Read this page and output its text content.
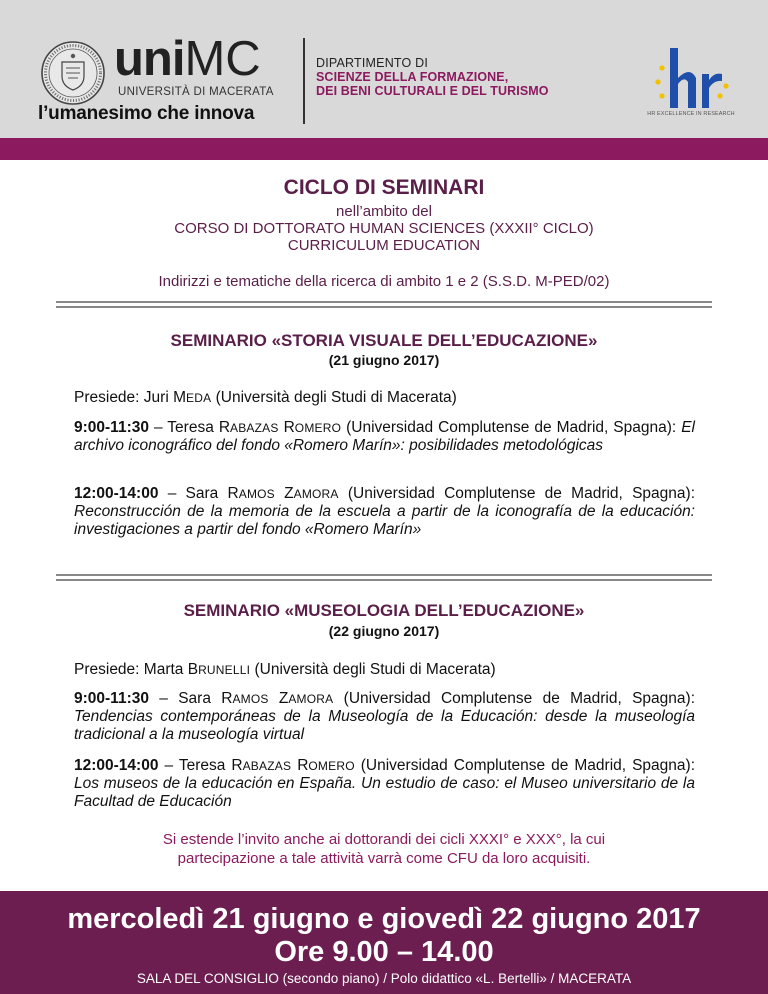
uniMC
UNIVERSITÀ DI MACERATA
l’umanesimo che innova
DIPARTIMENTO DI
SCIENZE DELLA FORMAZIONE,
DEI BENI CULTURALI E DEL TURISMO
HR EXCELLENCE IN RESEARCH
CICLO DI SEMINARI
nell’ambito del
CORSO DI DOTTORATO HUMAN SCIENCES (XXXII° CICLO)
CURRICULUM EDUCATION
Indirizzi e tematiche della ricerca di ambito 1 e 2 (S.S.D. M-PED/02)
SEMINARIO «STORIA VISUALE DELL’EDUCAZIONE»
(21 giugno 2017)
Presiede: Juri MEDA (Università degli Studi di Macerata)
9:00-11:30 – Teresa RABAZAS ROMERO (Universidad Complutense de Madrid, Spagna): El archivo iconográfico del fondo «Romero Marín»: posibilidades metodológicas
12:00-14:00 – Sara RAMOS ZAMORA (Universidad Complutense de Madrid, Spagna): Reconstrucción de la memoria de la escuela a partir de la iconografía de la educación: investigaciones a partir del fondo «Romero Marín»
SEMINARIO «MUSEOLOGIA DELL’EDUCAZIONE»
(22 giugno 2017)
Presiede: Marta BRUNELLI (Università degli Studi di Macerata)
9:00-11:30 – Sara RAMOS ZAMORA (Universidad Complutense de Madrid, Spagna): Tendencias contemporáneas de la Museología de la Educación: desde la museología tradicional a la museología virtual
12:00-14:00 – Teresa RABAZAS ROMERO (Universidad Complutense de Madrid, Spagna): Los museos de la educación en España. Un estudio de caso: el Museo universitario de la Facultad de Educación
Si estende l’invito anche ai dottorandi dei cicli XXXI° e XXX°, la cui
partecipazione a tale attività varrà come CFU da loro acquisiti.
mercoledì 21 giugno e giovedì 22 giugno 2017
Ore 9.00 – 14.00
SALA DEL CONSIGLIO (secondo piano) / Polo didattico «L. Bertelli» / MACERATA
